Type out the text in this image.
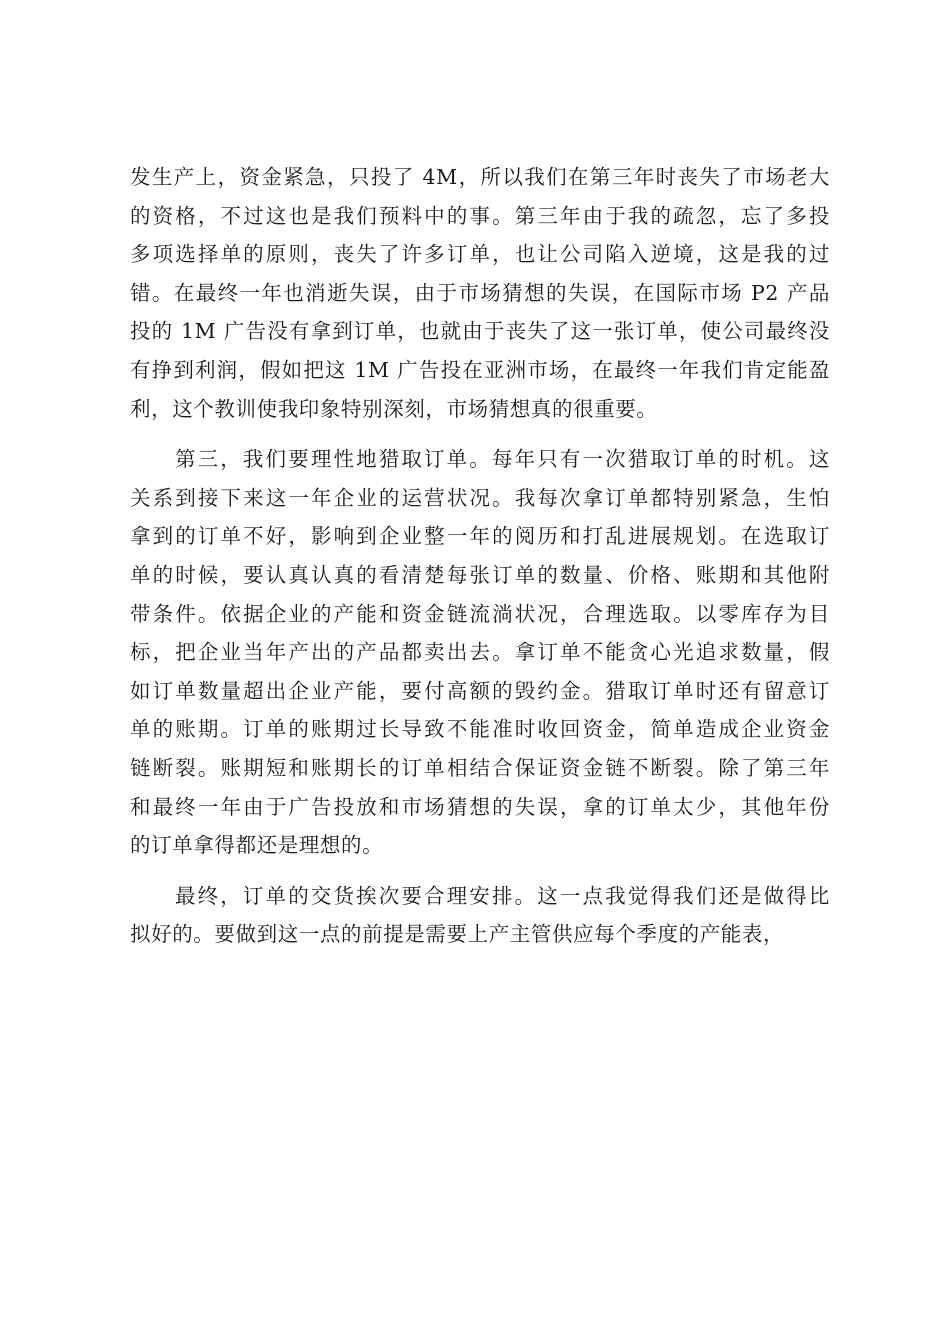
发生产上，资金紧急，只投了 4M，所以我们在第三年时丧失了市场老大
的资格，不过这也是我们预料中的事。第三年由于我的疏忽，忘了多投
多项选择单的原则，丧失了许多订单，也让公司陷入逆境，这是我的过
错。在最终一年也消逝失误，由于市场猜想的失误，在国际市场 P2 产品
投的 1M 广告没有拿到订单，也就由于丧失了这一张订单，使公司最终没
有挣到利润，假如把这 1M 广告投在亚洲市场，在最终一年我们肯定能盈
利，这个教训使我印象特别深刻，市场猜想真的很重要。
第三，我们要理性地猎取订单。每年只有一次猎取订单的时机。这
关系到接下来这一年企业的运营状况。我每次拿订单都特别紧急，生怕
拿到的订单不好，影响到企业整一年的阅历和打乱进展规划。在选取订
单的时候，要认真认真的看清楚每张订单的数量、价格、账期和其他附
带条件。依据企业的产能和资金链流淌状况，合理选取。以零库存为目
标，把企业当年产出的产品都卖出去。拿订单不能贪心光追求数量，假
如订单数量超出企业产能，要付高额的毁约金。猎取订单时还有留意订
单的账期。订单的账期过长导致不能准时收回资金，简单造成企业资金
链断裂。账期短和账期长的订单相结合保证资金链不断裂。除了第三年
和最终一年由于广告投放和市场猜想的失误，拿的订单太少，其他年份
的订单拿得都还是理想的。
最终，订单的交货挨次要合理安排。这一点我觉得我们还是做得比
拟好的。要做到这一点的前提是需要上产主管供应每个季度的产能表，
